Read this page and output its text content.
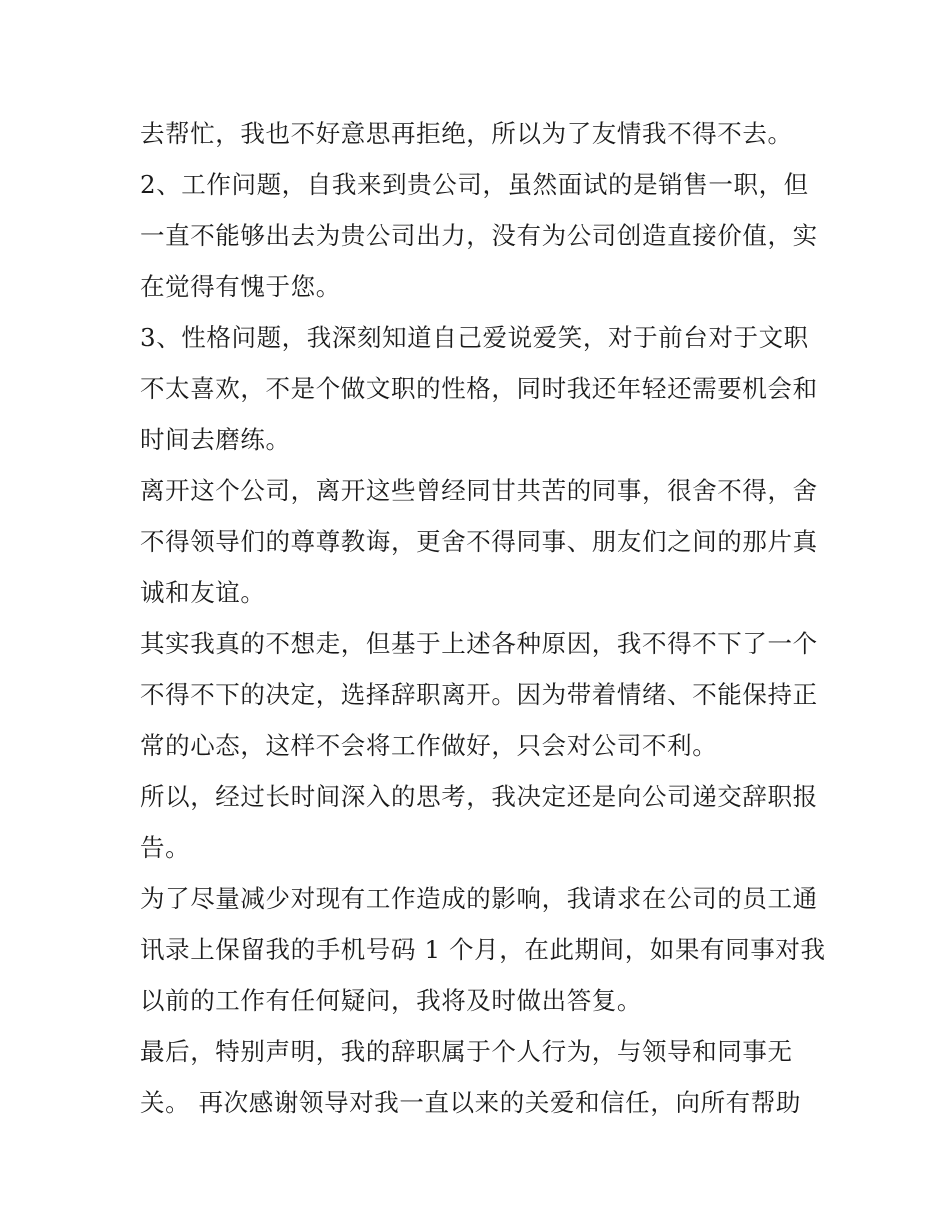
去帮忙，我也不好意思再拒绝，所以为了友情我不得不去。
2、工作问题，自我来到贵公司，虽然面试的是销售一职，但
一直不能够出去为贵公司出力，没有为公司创造直接价值，实
在觉得有愧于您。
3、性格问题，我深刻知道自己爱说爱笑，对于前台对于文职
不太喜欢，不是个做文职的性格，同时我还年轻还需要机会和
时间去磨练。
离开这个公司，离开这些曾经同甘共苦的同事，很舍不得，舍
不得领导们的尊尊教诲，更舍不得同事、朋友们之间的那片真
诚和友谊。
其实我真的不想走，但基于上述各种原因，我不得不下了一个
不得不下的决定，选择辞职离开。因为带着情绪、不能保持正
常的心态，这样不会将工作做好，只会对公司不利。
所以，经过长时间深入的思考，我决定还是向公司递交辞职报
告。
为了尽量减少对现有工作造成的影响，我请求在公司的员工通
讯录上保留我的手机号码 1 个月，在此期间，如果有同事对我
以前的工作有任何疑问，我将及时做出答复。
最后，特别声明，我的辞职属于个人行为，与领导和同事无
关。 再次感谢领导对我一直以来的关爱和信任，向所有帮助
